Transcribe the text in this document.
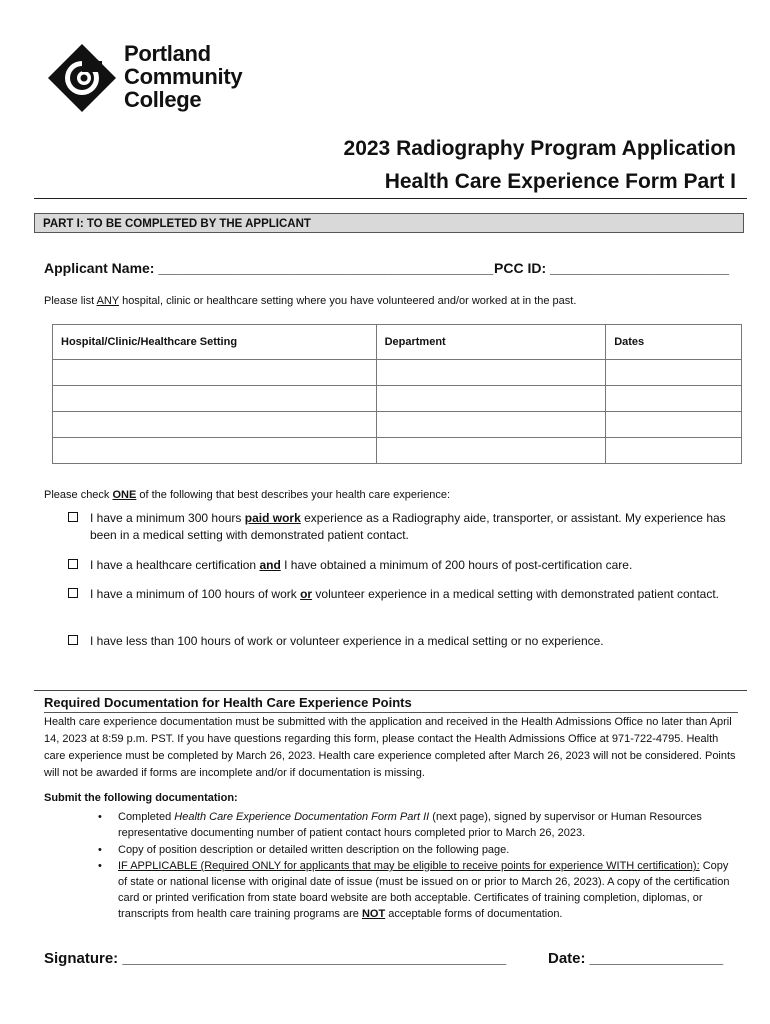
Portland
Community
College
2023 Radiography Program Application
Health Care Experience Form Part I
PART I: TO BE COMPLETED BY THE APPLICANT
Applicant Name: ___________________________________________ PCC ID: _______________________
Please list ANY hospital, clinic or healthcare setting where you have volunteered and/or worked at in the past.
Hospital/Clinic/Healthcare Setting	Department	Dates

Please check ONE of the following that best describes your health care experience:
I have a minimum 300 hours paid work experience as a Radiography aide, transporter, or assistant. My experience has been in a medical setting with demonstrated patient contact.
I have a healthcare certification and I have obtained a minimum of 200 hours of post-certification care.
I have a minimum of 100 hours of work or volunteer experience in a medical setting with demonstrated patient contact.
I have less than 100 hours of work or volunteer experience in a medical setting or no experience.
Required Documentation for Health Care Experience Points
Health care experience documentation must be submitted with the application and received in the Health Admissions Office no later than April 14, 2023 at 8:59 p.m. PST. If you have questions regarding this form, please contact the Health Admissions Office at 971-722-4795. Health care experience must be completed by March 26, 2023. Health care experience completed after March 26, 2023 will not be considered. Points will not be awarded if forms are incomplete and/or if documentation is missing.
Submit the following documentation:
• Completed Health Care Experience Documentation Form Part II (next page), signed by supervisor or Human Resources representative documenting number of patient contact hours completed prior to March 26, 2023.
• Copy of position description or detailed written description on the following page.
• IF APPLICABLE (Required ONLY for applicants that may be eligible to receive points for experience WITH certification): Copy of state or national license with original date of issue (must be issued on or prior to March 26, 2023). A copy of the certification card or printed verification from state board website are both acceptable. Certificates of training completion, diplomas, or transcripts from health care training programs are NOT acceptable forms of documentation.
Signature: ______________________________________________	Date: ________________
